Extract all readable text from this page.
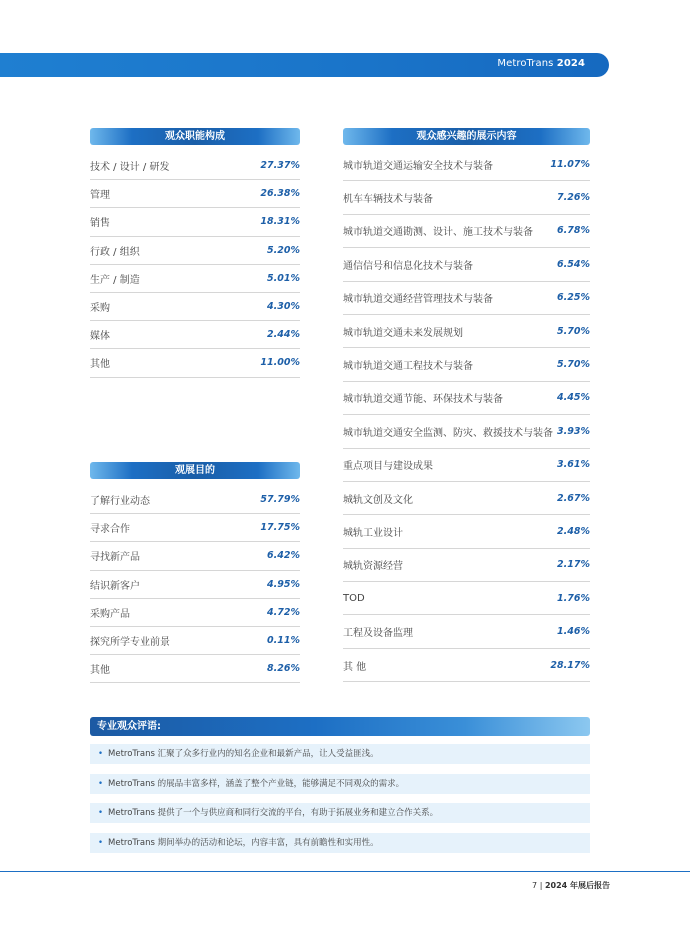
MetroTrans 2024
观众职能构成
技术 / 设计 / 研发	27.37%
管理	26.38%
销售	18.31%
行政 / 组织	5.20%
生产 / 制造	5.01%
采购	4.30%
媒体	2.44%
其他	11.00%
观众感兴趣的展示内容
城市轨道交通运输安全技术与装备	11.07%
机车车辆技术与装备	7.26%
城市轨道交通勘测、设计、施工技术与装备	6.78%
通信信号和信息化技术与装备	6.54%
城市轨道交通经营管理技术与装备	6.25%
城市轨道交通未来发展规划	5.70%
城市轨道交通工程技术与装备	5.70%
城市轨道交通节能、环保技术与装备	4.45%
城市轨道交通安全监测、防灾、救援技术与装备 3.93%
重点项目与建设成果	3.61%
城轨文创及文化	2.67%
城轨工业设计	2.48%
城轨资源经营	2.17%
TOD	1.76%
工程及设备监理	1.46%
其 他	28.17%
观展目的
了解行业动态	57.79%
寻求合作	17.75%
寻找新产品	6.42%
结识新客户	4.95%
采购产品	4.72%
探究所学专业前景	0.11%
其他	8.26%
专业观众评语:
• MetroTrans 汇聚了众多行业内的知名企业和最新产品，让人受益匪浅。
• MetroTrans 的展品丰富多样，涵盖了整个产业链，能够满足不同观众的需求。
• MetroTrans 提供了一个与供应商和同行交流的平台，有助于拓展业务和建立合作关系。
• MetroTrans 期间举办的活动和论坛，内容丰富，具有前瞻性和实用性。
7 | 2024 年展后报告
